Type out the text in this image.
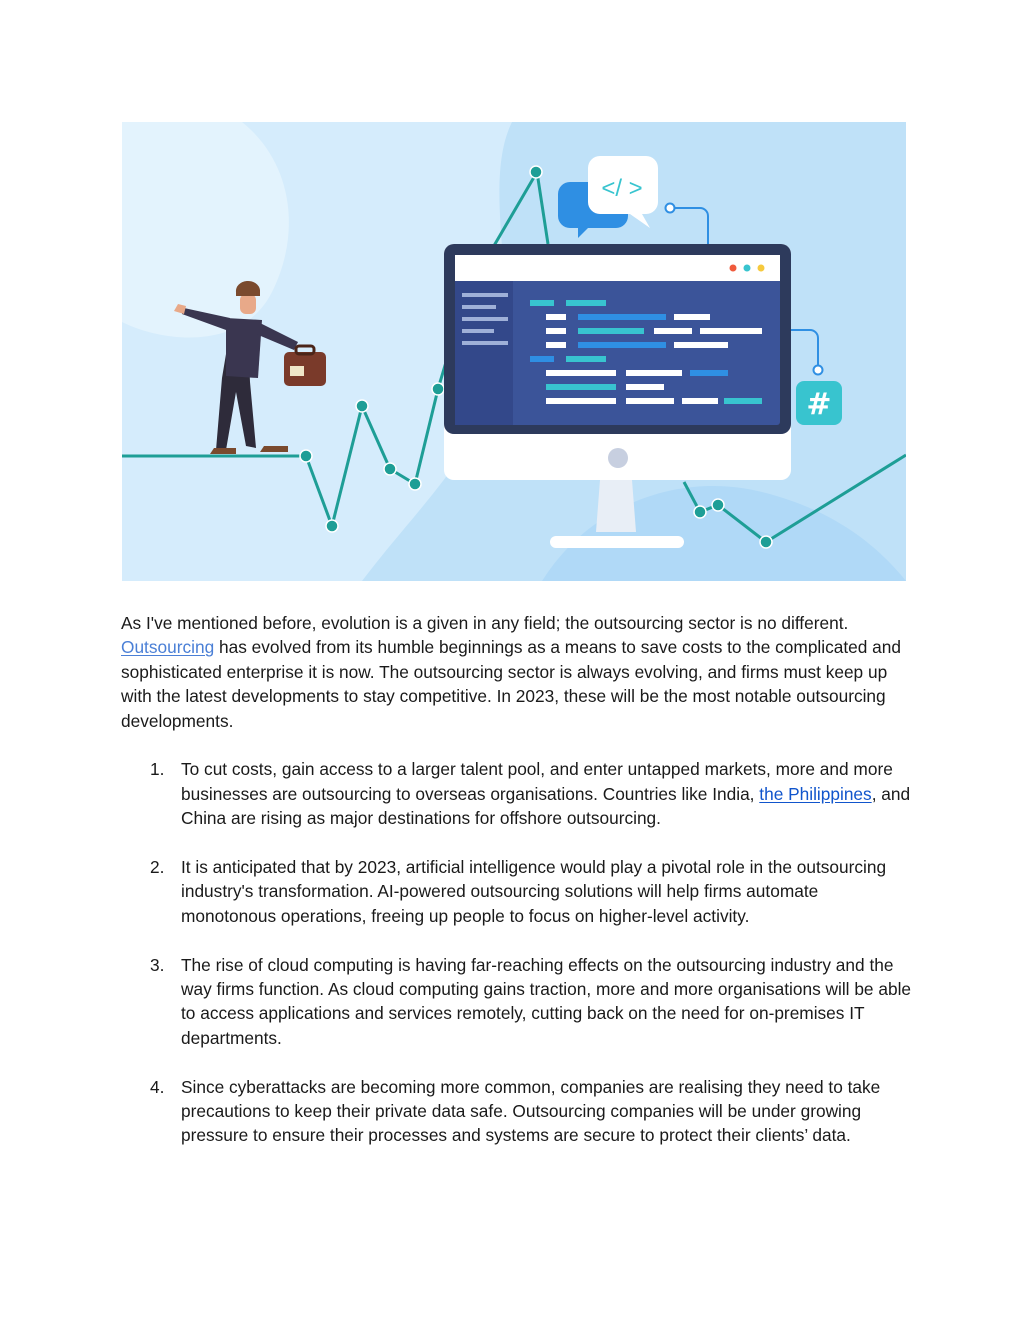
</ >
#

As I've mentioned before, evolution is a given in any field; the outsourcing sector is no different. Outsourcing has evolved from its humble beginnings as a means to save costs to the complicated and sophisticated enterprise it is now. The outsourcing sector is always evolving, and firms must keep up with the latest developments to stay competitive. In 2023, these will be the most notable outsourcing developments.

1. To cut costs, gain access to a larger talent pool, and enter untapped markets, more and more businesses are outsourcing to overseas organisations. Countries like India, the Philippines, and China are rising as major destinations for offshore outsourcing.
2. It is anticipated that by 2023, artificial intelligence would play a pivotal role in the outsourcing industry's transformation. AI-powered outsourcing solutions will help firms automate monotonous operations, freeing up people to focus on higher-level activity.
3. The rise of cloud computing is having far-reaching effects on the outsourcing industry and the way firms function. As cloud computing gains traction, more and more organisations will be able to access applications and services remotely, cutting back on the need for on-premises IT departments.
4. Since cyberattacks are becoming more common, companies are realising they need to take precautions to keep their private data safe. Outsourcing companies will be under growing pressure to ensure their processes and systems are secure to protect their clients’ data.
